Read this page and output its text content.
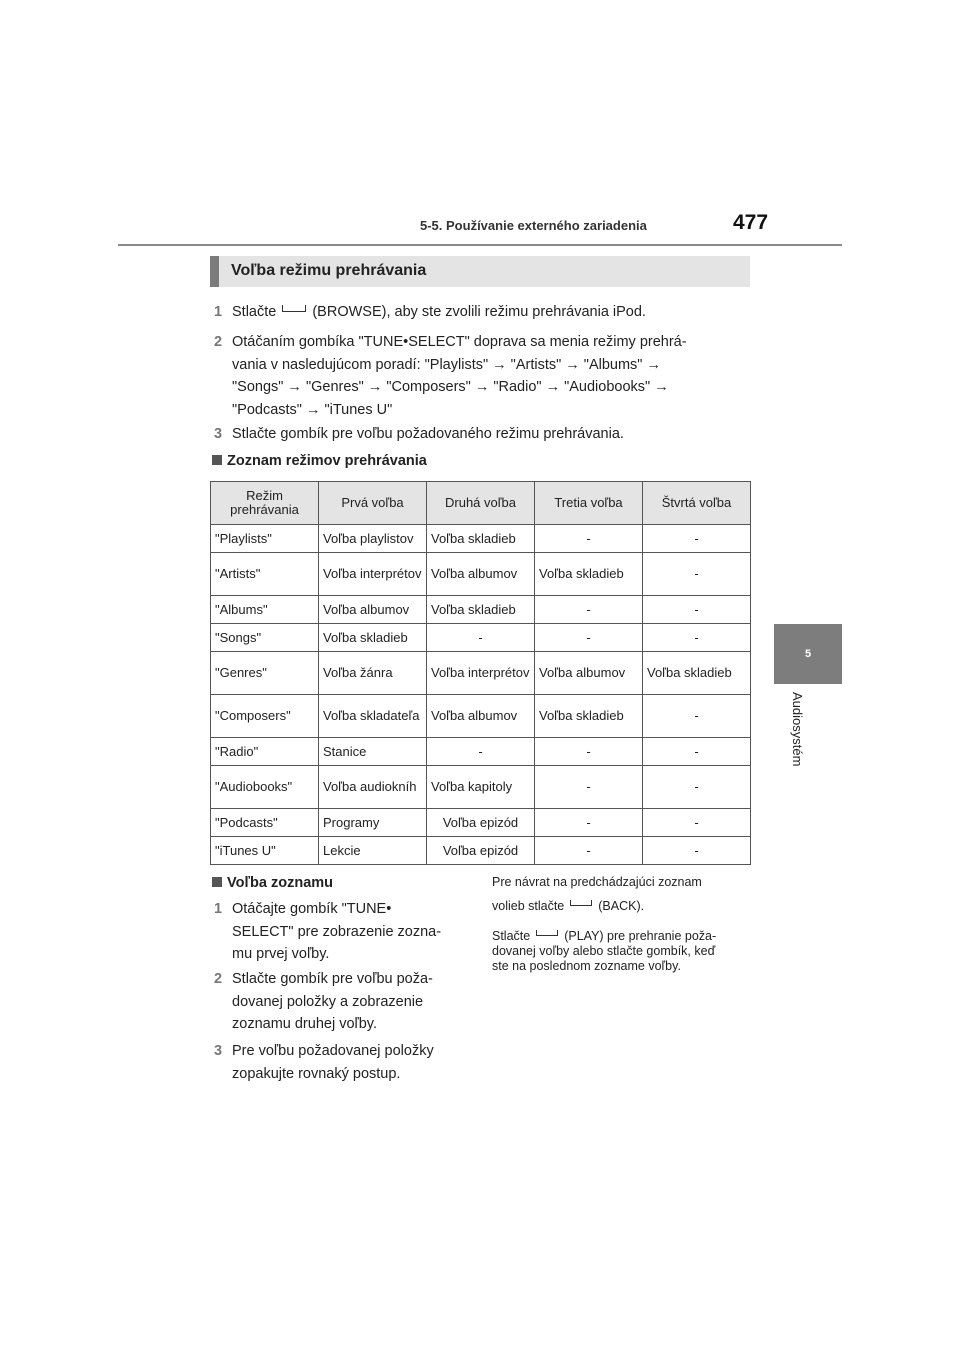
5-5. Používanie externého zariadenia	477
5
Audiosystém
Voľba režimu prehrávania
1 Stlačte (BROWSE), aby ste zvolili režimu prehrávania iPod.
2 Otáčaním gombíka "TUNE•SELECT" doprava sa menia režimy prehrá-
vania v nasledujúcom poradí: "Playlists" → "Artists" → "Albums" →
"Songs" → "Genres" → "Composers" → "Radio" → "Audiobooks" →
"Podcasts" → "iTunes U"
3 Stlačte gombík pre voľbu požadovaného režimu prehrávania.
Zoznam režimov prehrávania
Režim prehrávania	Prvá voľba	Druhá voľba	Tretia voľba	Štvrtá voľba
"Playlists"	Voľba playlistov	Voľba skladieb	-	-
"Artists"	Voľba interprétov	Voľba albumov	Voľba skladieb	-
"Albums"	Voľba albumov	Voľba skladieb	-	-
"Songs"	Voľba skladieb	-	-	-
"Genres"	Voľba žánra	Voľba interprétov	Voľba albumov	Voľba skladieb
"Composers"	Voľba skladateľa	Voľba albumov	Voľba skladieb	-
"Radio"	Stanice	-	-	-
"Audiobooks"	Voľba audiokníh	Voľba kapitoly	-	-
"Podcasts"	Programy	Voľba epizód	-	-
"iTunes U"	Lekcie	Voľba epizód	-	-
Voľba zoznamu
1 Otáčajte gombík "TUNE•
SELECT" pre zobrazenie zozna-
mu prvej voľby.
2 Stlačte gombík pre voľbu poža-
dovanej položky a zobrazenie
zoznamu druhej voľby.
3 Pre voľbu požadovanej položky
zopakujte rovnaký postup.
Pre návrat na predchádzajúci zoznam
volieb stlačte	(BACK).
Stlačte	(PLAY) pre prehranie poža-
dovanej voľby alebo stlačte gombík, keď
ste na poslednom zozname voľby.
